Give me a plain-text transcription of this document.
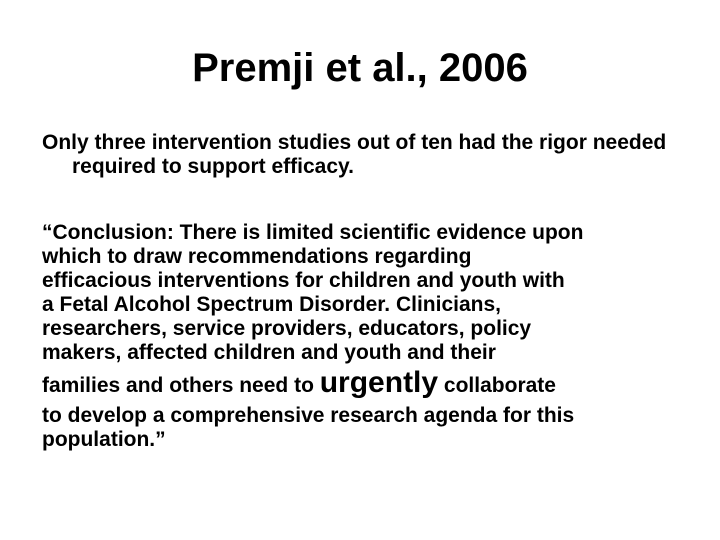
Premji et al., 2006
Only three intervention studies out of ten had the rigor needed required to support efficacy.
“Conclusion: There is limited scientific evidence upon
which to draw recommendations regarding
efficacious interventions for children and youth with
a Fetal Alcohol Spectrum Disorder. Clinicians,
researchers, service providers, educators, policy
makers, affected children and youth and their
families and others need to urgently collaborate
to develop a comprehensive research agenda for this
population.”
